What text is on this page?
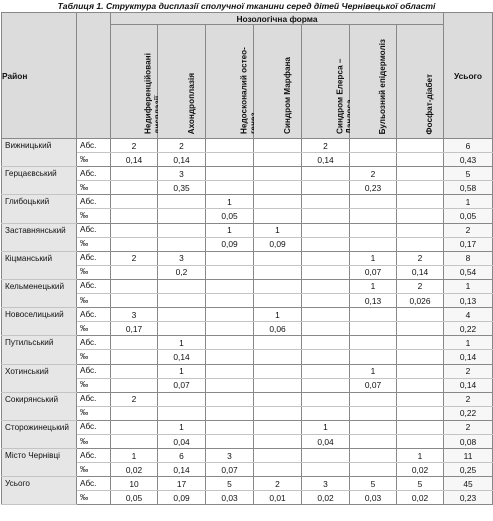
Таблиця 1. Структура дисплазії сполучної тканини серед дітей Чернівецької області
Район		Нозологічна форма							Усього

		Недиференційовані	Ахондроплазія	Недосконалий остео-	Синдром Марфана	Синдром Елерса –	Бульозний епідермоліз	Фосфат-діабет	

Вижницький	Абс.	2	2			2			6
	‰	0,14	0,14			0,14			0,43
Герцаєвський	Абс.		3				2		5
	‰		0,35				0,23		0,58
Глибоцький	Абс.			1					1
	‰			0,05					0,05
Заставнянський	Абс.			1	1				2
	‰			0,09	0,09				0,17
Кіцманський	Абс.	2	3				1	2	8
	‰		0,2				0,07	0,14	0,54
Кельменецький	Абс.						1	2	1
	‰						0,13	0,026	0,13
Новоселицький	Абс.	3			1				4
	‰	0,17			0,06				0,22
Путильський	Абс.		1						1
	‰		0,14						0,14
Хотинський	Абс.		1				1		2
	‰		0,07				0,07		0,14
Сокирянський	Абс.	2							2
	‰								0,22
Сторожинецький	Абс.		1			1			2
	‰		0,04			0,04			0,08
Місто Чернівці	Абс.	1	6	3				1	11
	‰	0,02	0,14	0,07				0,02	0,25
Усього	Абс.	10	17	5	2	3	5	5	45
	‰	0,05	0,09	0,03	0,01	0,02	0,03	0,02	0,23
